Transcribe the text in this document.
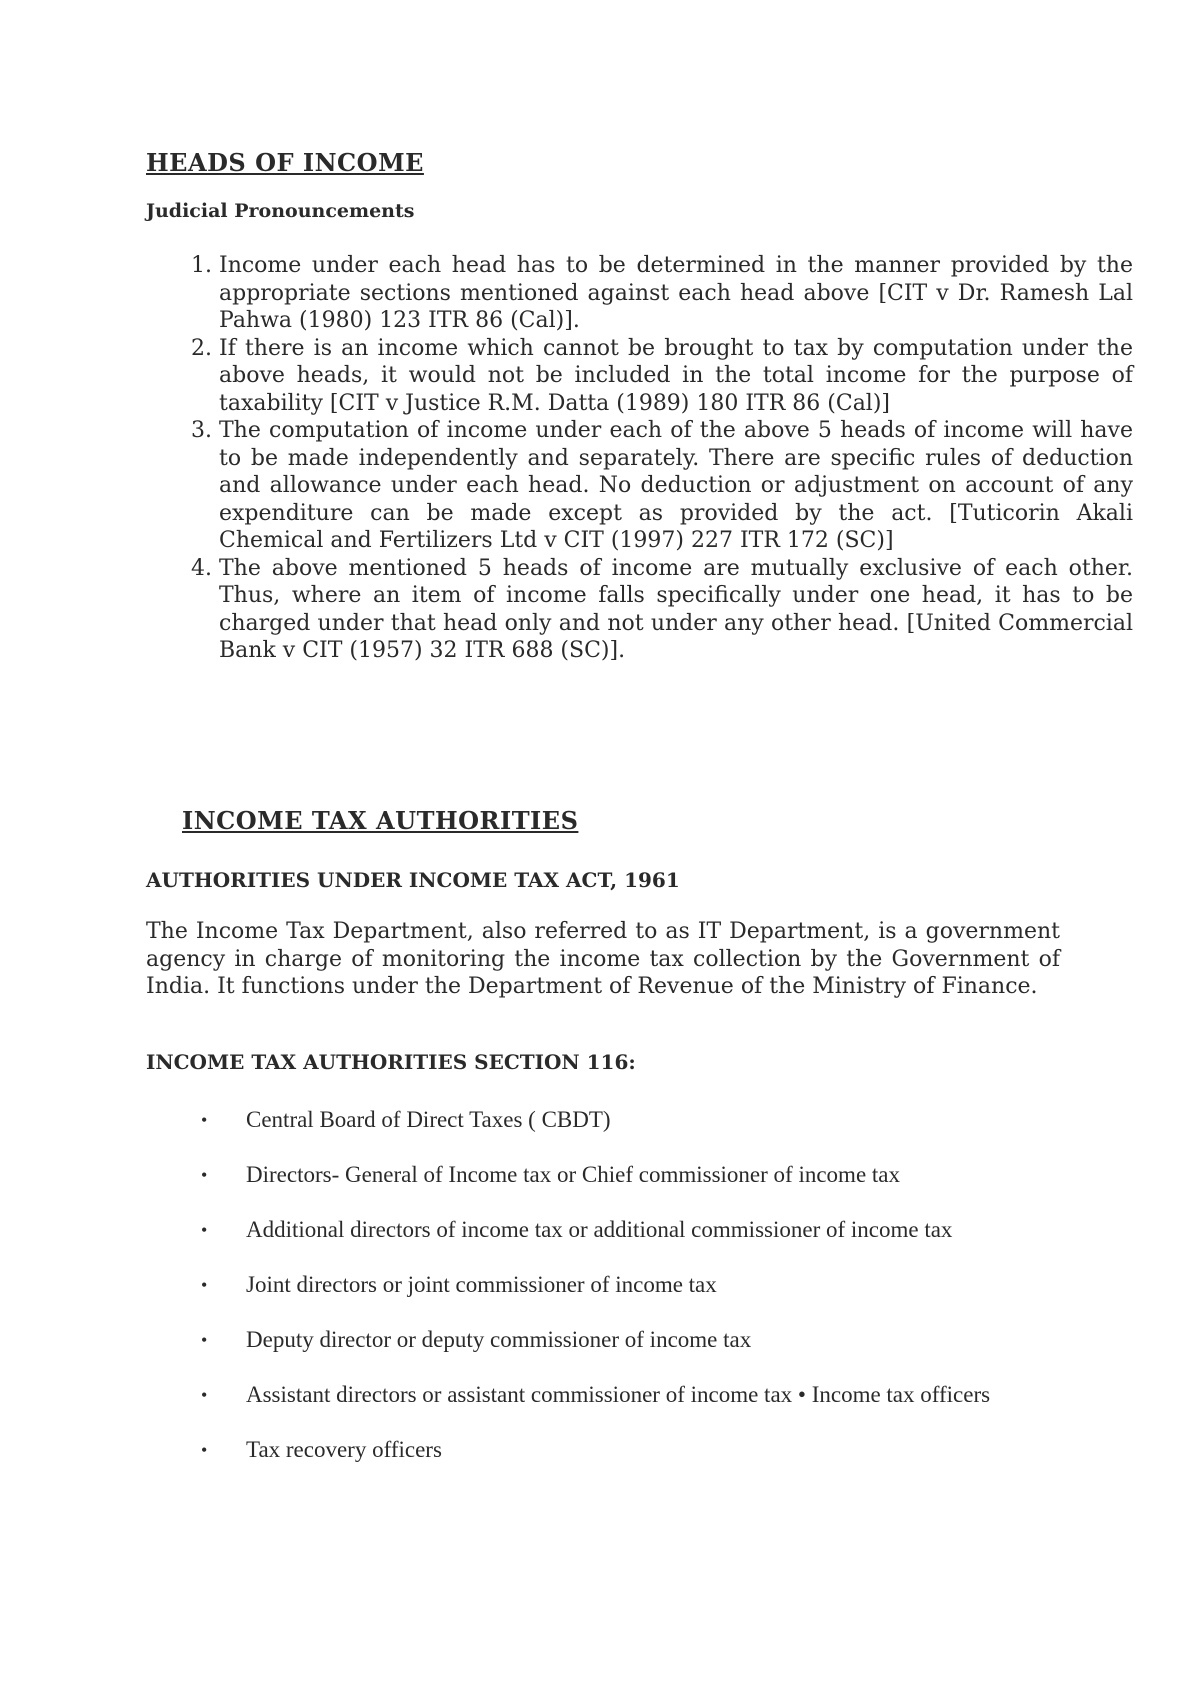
HEADS OF INCOME
Judicial Pronouncements
1. Income under each head has to be determined in the manner provided by the appropriate sections mentioned against each head above [CIT v Dr. Ramesh Lal Pahwa (1980) 123 ITR 86 (Cal)].
2. If there is an income which cannot be brought to tax by computation under the above heads, it would not be included in the total income for the purpose of taxability [CIT v Justice R.M. Datta (1989) 180 ITR 86 (Cal)]
3. The computation of income under each of the above 5 heads of income will have to be made independently and separately. There are specific rules of deduction and allowance under each head. No deduction or adjustment on account of any expenditure can be made except as provided by the act. [Tuticorin Akali Chemical and Fertilizers Ltd v CIT (1997) 227 ITR 172 (SC)]
4. The above mentioned 5 heads of income are mutually exclusive of each other. Thus, where an item of income falls specifically under one head, it has to be charged under that head only and not under any other head. [United Commercial Bank v CIT (1957) 32 ITR 688 (SC)].
INCOME TAX AUTHORITIES
AUTHORITIES UNDER INCOME TAX ACT, 1961

The Income Tax Department, also referred to as IT Department, is a government agency in charge of monitoring the income tax collection by the Government of India. It functions under the Department of Revenue of the Ministry of Finance.

INCOME TAX AUTHORITIES SECTION 116:
• Central Board of Direct Taxes ( CBDT)
• Directors- General of Income tax or Chief commissioner of income tax
• Additional directors of income tax or additional commissioner of income tax
• Joint directors or joint commissioner of income tax
• Deputy director or deputy commissioner of income tax
• Assistant directors or assistant commissioner of income tax • Income tax officers
• Tax recovery officers
